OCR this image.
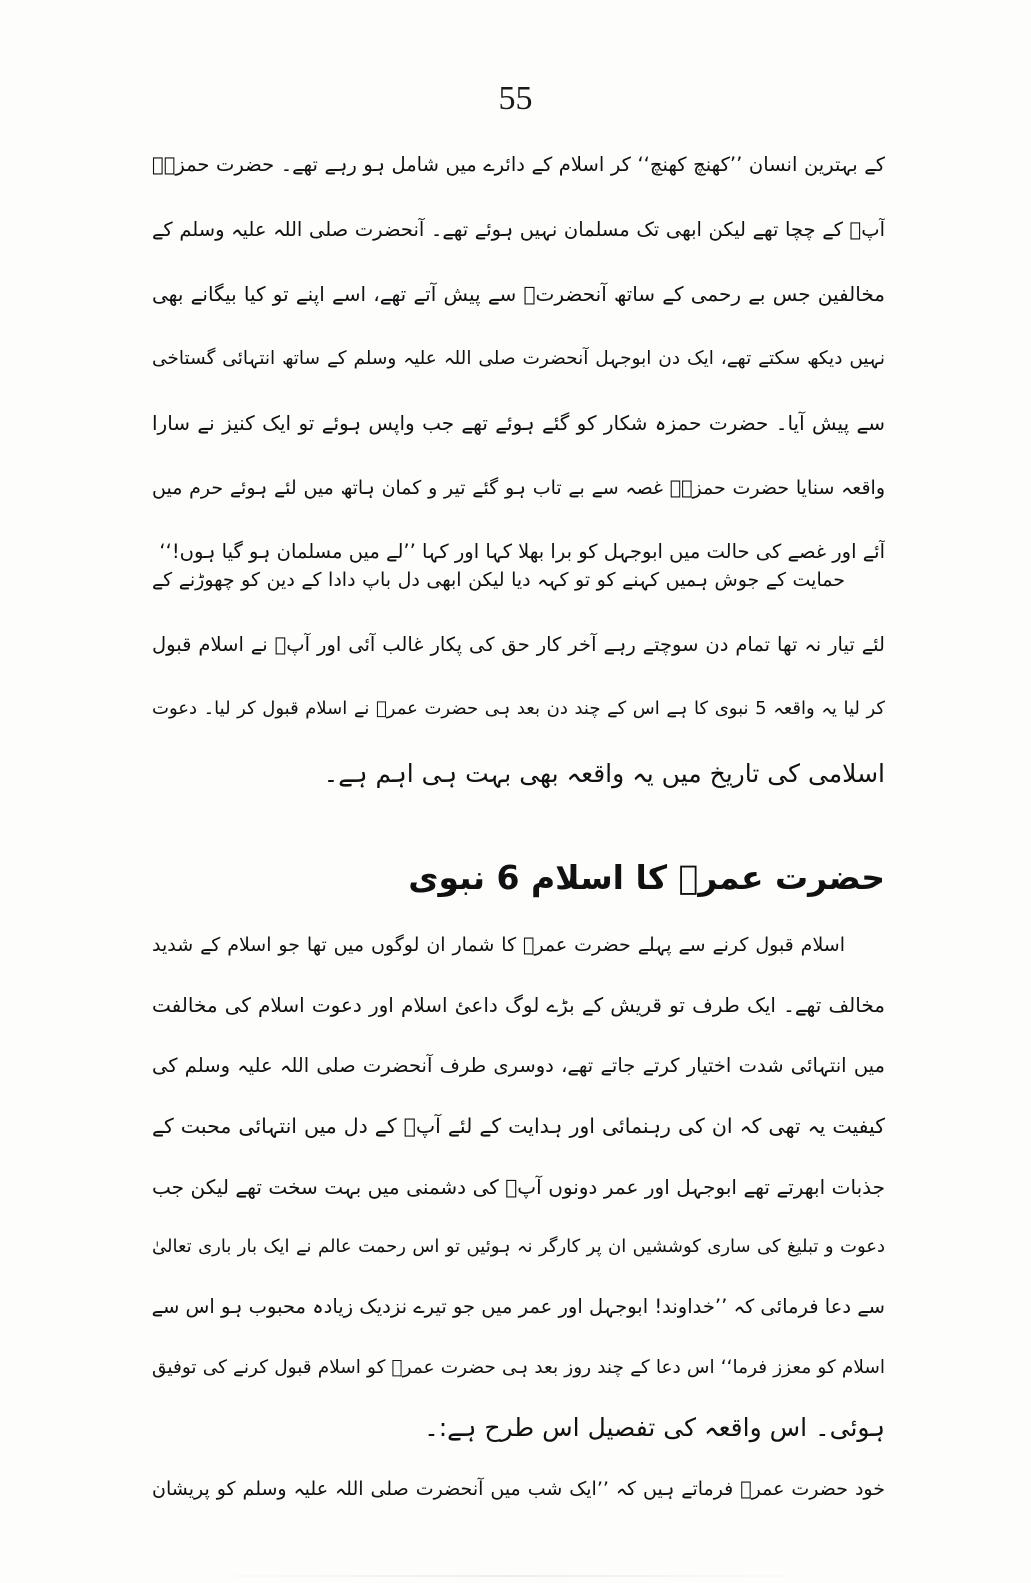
55
کے بہترین انسان ’’کھنچ کھنچ‘‘ کر اسلام کے دائرے میں شامل ہو رہے تھے۔ حضرت حمزہؓ
آپؐ کے چچا تھے لیکن ابھی تک مسلمان نہیں ہوئے تھے۔ آنحضرت صلی اللہ علیہ وسلم کے
مخالفین جس بے رحمی کے ساتھ آنحضرتؐ سے پیش آتے تھے، اسے اپنے تو کیا بیگانے بھی
نہیں دیکھ سکتے تھے، ایک دن ابوجہل آنحضرت صلی اللہ علیہ وسلم کے ساتھ انتہائی گستاخی
سے پیش آیا۔ حضرت حمزہ شکار کو گئے ہوئے تھے جب واپس ہوئے تو ایک کنیز نے سارا
واقعہ سنایا حضرت حمزہؓ غصہ سے بے تاب ہو گئے تیر و کمان ہاتھ میں لئے ہوئے حرم میں
آئے اور غصے کی حالت میں ابوجہل کو برا بھلا کہا اور کہا ’’لے میں مسلمان ہو گیا ہوں!‘‘
حمایت کے جوش ہمیں کہنے کو تو کہہ دیا لیکن ابھی دل باپ دادا کے دین کو چھوڑنے کے
لئے تیار نہ تھا تمام دن سوچتے رہے آخر کار حق کی پکار غالب آئی اور آپؓ نے اسلام قبول
کر لیا یہ واقعہ 5 نبوی کا ہے اس کے چند دن بعد ہی حضرت عمرؓ نے اسلام قبول کر لیا۔ دعوت
اسلامی کی تاریخ میں یہ واقعہ بھی بہت ہی اہم ہے۔
حضرت عمرؓ کا اسلام 6 نبوی
اسلام قبول کرنے سے پہلے حضرت عمرؓ کا شمار ان لوگوں میں تھا جو اسلام کے شدید
مخالف تھے۔ ایک طرف تو قریش کے بڑے لوگ داعئ اسلام اور دعوت اسلام کی مخالفت
میں انتہائی شدت اختیار کرتے جاتے تھے، دوسری طرف آنحضرت صلی اللہ علیہ وسلم کی
کیفیت یہ تھی کہ ان کی رہنمائی اور ہدایت کے لئے آپؐ کے دل میں انتہائی محبت کے
جذبات ابھرتے تھے ابوجہل اور عمر دونوں آپؐ کی دشمنی میں بہت سخت تھے لیکن جب
دعوت و تبلیغ کی ساری کوششیں ان پر کارگر نہ ہوئیں تو اس رحمت عالم نے ایک بار باری تعالیٰ
سے دعا فرمائی کہ ’’خداوند! ابوجہل اور عمر میں جو تیرے نزدیک زیادہ محبوب ہو اس سے
اسلام کو معزز فرما‘‘ اس دعا کے چند روز بعد ہی حضرت عمرؓ کو اسلام قبول کرنے کی توفیق
ہوئی۔ اس واقعہ کی تفصیل اس طرح ہے:۔
خود حضرت عمرؓ فرماتے ہیں کہ ’’ایک شب میں آنحضرت صلی اللہ علیہ وسلم کو پریشان
